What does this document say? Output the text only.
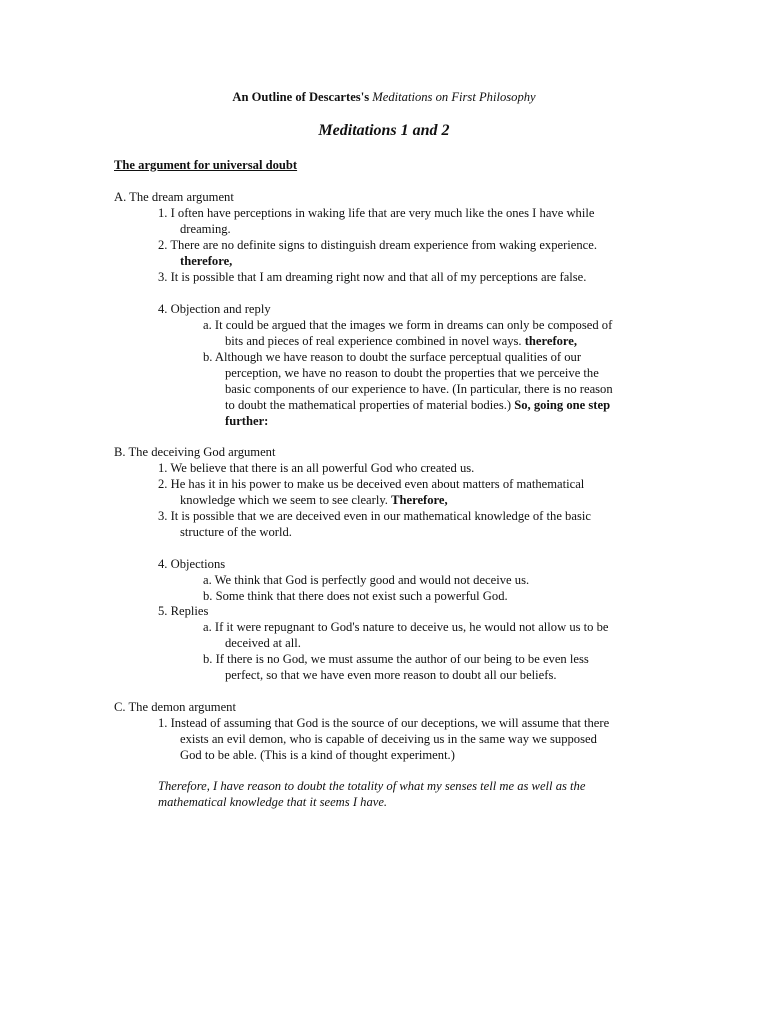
An Outline of Descartes's Meditations on First Philosophy
Meditations 1 and 2
The argument for universal doubt
A. The dream argument
1. I often have perceptions in waking life that are very much like the ones I have while
dreaming.
2. There are no definite signs to distinguish dream experience from waking experience.
therefore,
3. It is possible that I am dreaming right now and that all of my perceptions are false.
4. Objection and reply
a. It could be argued that the images we form in dreams can only be composed of
bits and pieces of real experience combined in novel ways. therefore,
b. Although we have reason to doubt the surface perceptual qualities of our
perception, we have no reason to doubt the properties that we perceive the
basic components of our experience to have. (In particular, there is no reason
to doubt the mathematical properties of material bodies.) So, going one step
further:
B. The deceiving God argument
1. We believe that there is an all powerful God who created us.
2. He has it in his power to make us be deceived even about matters of mathematical
knowledge which we seem to see clearly. Therefore,
3. It is possible that we are deceived even in our mathematical knowledge of the basic
structure of the world.
4. Objections
a. We think that God is perfectly good and would not deceive us.
b. Some think that there does not exist such a powerful God.
5. Replies
a. If it were repugnant to God's nature to deceive us, he would not allow us to be
deceived at all.
b. If there is no God, we must assume the author of our being to be even less
perfect, so that we have even more reason to doubt all our beliefs.
C. The demon argument
1. Instead of assuming that God is the source of our deceptions, we will assume that there
exists an evil demon, who is capable of deceiving us in the same way we supposed
God to be able. (This is a kind of thought experiment.)
Therefore, I have reason to doubt the totality of what my senses tell me as well as the
mathematical knowledge that it seems I have.
